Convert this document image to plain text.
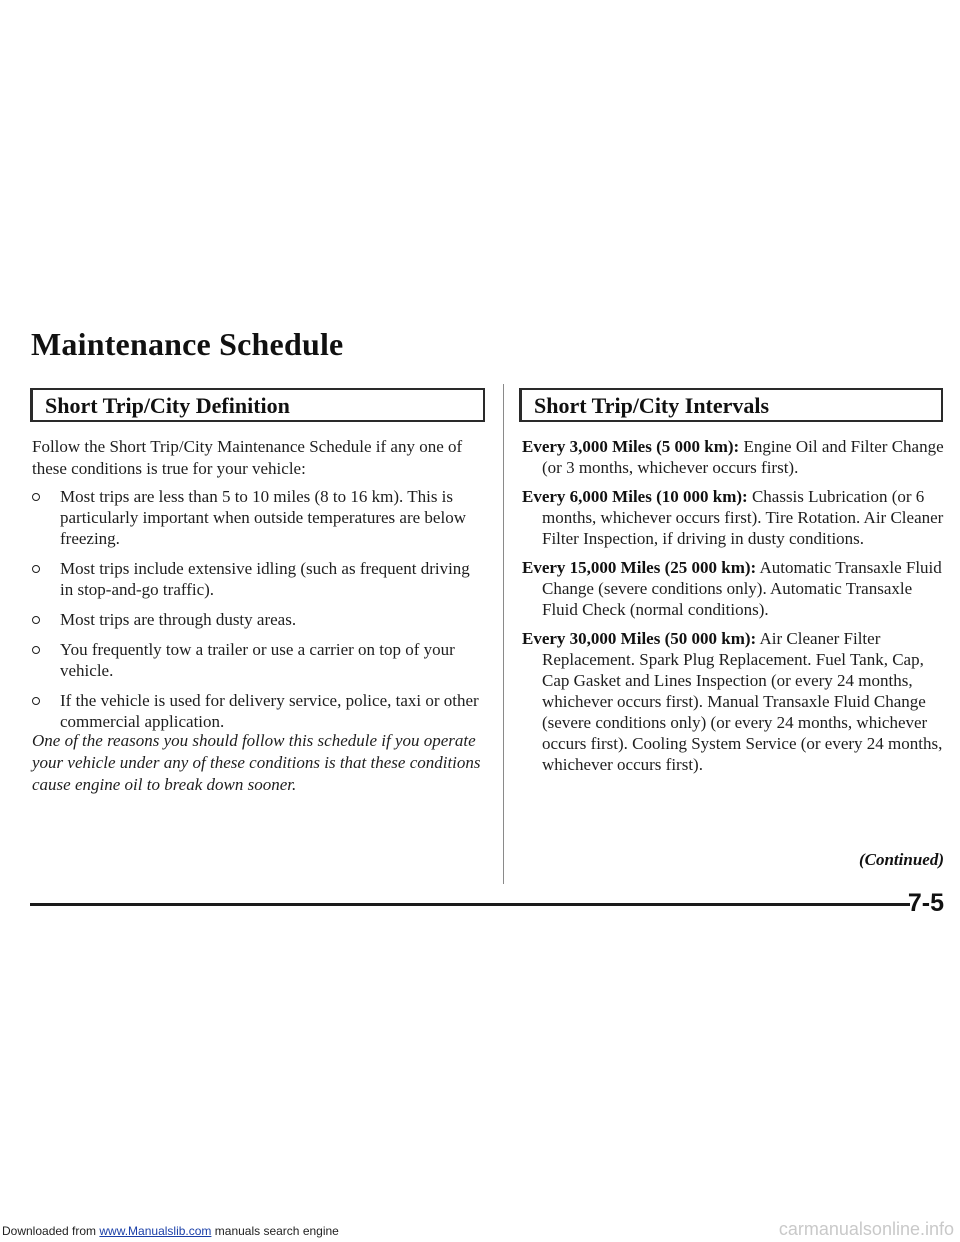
Maintenance Schedule
Short Trip/City Definition	Short Trip/City Intervals
Follow the Short Trip/City Maintenance Schedule if any one of these conditions is true for your vehicle:
Most trips are less than 5 to 10 miles (8 to 16 km). This is particularly important when outside temperatures are below freezing.
Most trips include extensive idling (such as frequent driving in stop-and-go traffic).
Most trips are through dusty areas.
You frequently tow a trailer or use a carrier on top of your vehicle.
If the vehicle is used for delivery service, police, taxi or other commercial application.
One of the reasons you should follow this schedule if you operate your vehicle under any of these conditions is that these conditions cause engine oil to break down sooner.
Every 3,000 Miles (5 000 km): Engine Oil and Filter Change (or 3 months, whichever occurs first).
Every 6,000 Miles (10 000 km): Chassis Lubrication (or 6 months, whichever occurs first). Tire Rotation. Air Cleaner Filter Inspection, if driving in dusty conditions.
Every 15,000 Miles (25 000 km): Automatic Transaxle Fluid Change (severe conditions only). Automatic Transaxle Fluid Check (normal conditions).
Every 30,000 Miles (50 000 km): Air Cleaner Filter Replacement. Spark Plug Replacement. Fuel Tank, Cap, Cap Gasket and Lines Inspection (or every 24 months, whichever occurs first). Manual Transaxle Fluid Change (severe conditions only) (or every 24 months, whichever occurs first). Cooling System Service (or every 24 months, whichever occurs first).
(Continued)
7-5
Downloaded from www.Manualslib.com manuals search engine	carmanualsonline.info
